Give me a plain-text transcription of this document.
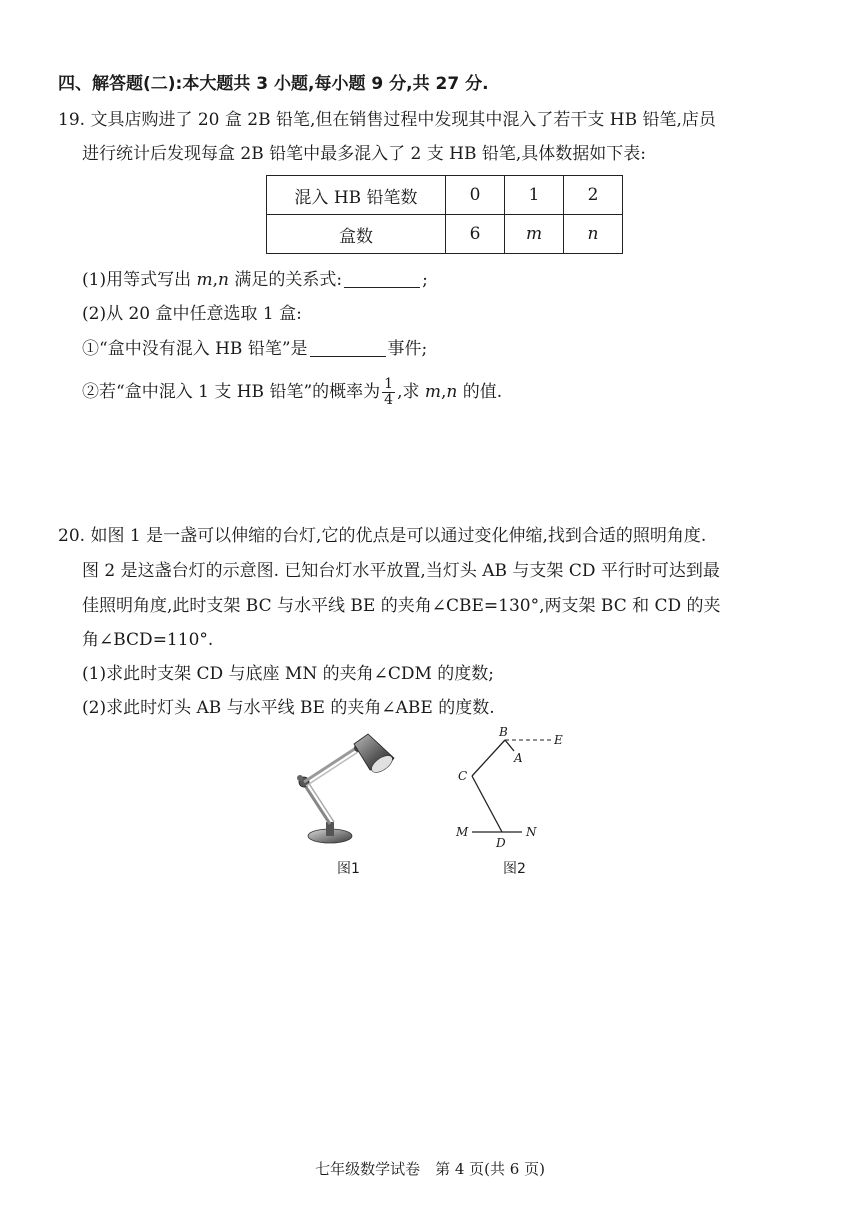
四、解答题(二):本大题共 3 小题,每小题 9 分,共 27 分.
19. 文具店购进了 20 盒 2B 铅笔,但在销售过程中发现其中混入了若干支 HB 铅笔,店员
进行统计后发现每盒 2B 铅笔中最多混入了 2 支 HB 铅笔,具体数据如下表:
混入 HB 铅笔数	0	1	2
盒数	6	m	n
(1)用等式写出 m,n 满足的关系式:	;
(2)从 20 盒中任意选取 1 盒:
①“盒中没有混入 HB 铅笔”是	事件;
②若“盒中混入 1 支 HB 铅笔”的概率为 $\frac{1}{4}$ ,求 m,n 的值.
20. 如图 1 是一盏可以伸缩的台灯,它的优点是可以通过变化伸缩,找到合适的照明角度.
图 2 是这盏台灯的示意图. 已知台灯水平放置,当灯头 AB 与支架 CD 平行时可达到最
佳照明角度,此时支架 BC 与水平线 BE 的夹角∠CBE=130°,两支架 BC 和 CD 的夹
角∠BCD=110°.
(1)求此时支架 CD 与底座 MN 的夹角∠CDM 的度数;
(2)求此时灯头 AB 与水平线 BE 的夹角∠ABE 的度数.
图1
B
E
A
C
M
D
N
图2
七年级数学试卷　第 4 页(共 6 页)
